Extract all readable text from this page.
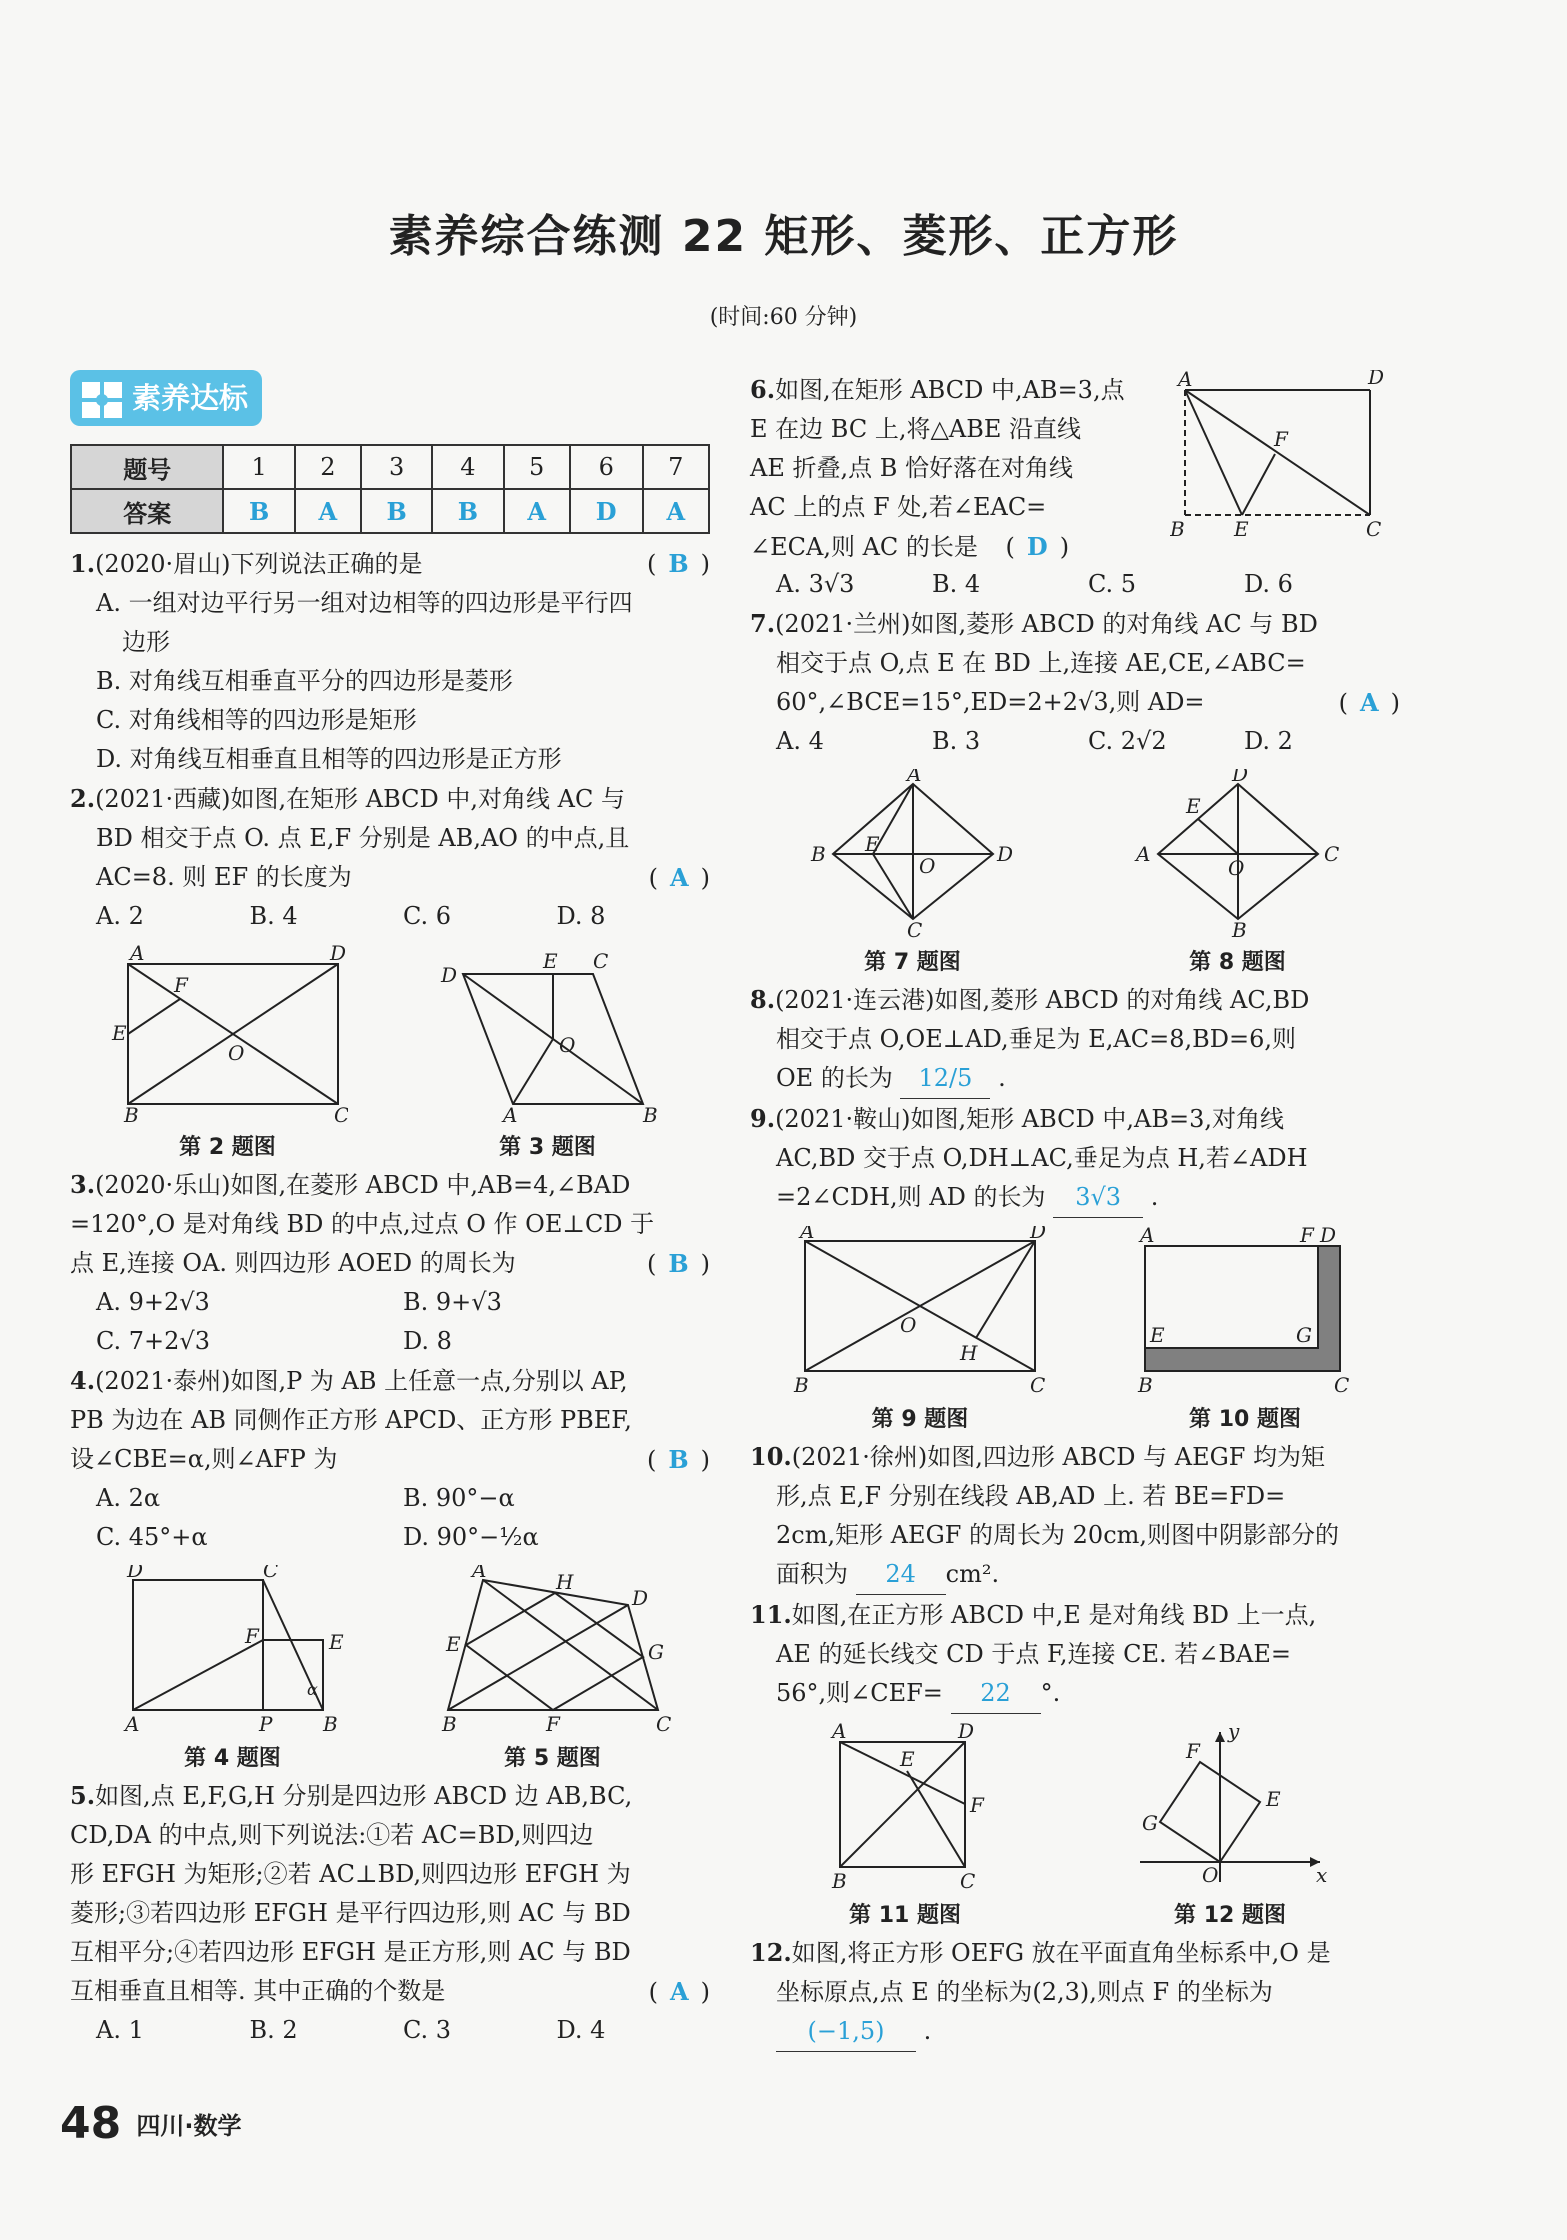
素养综合练测 22 矩形、菱形、正方形
(时间:60 分钟)
素养达标
题号	1	2	3	4	5	6	7
答案	B	A	B	B	A	D	A
1.(2020·眉山)下列说法正确的是	( B )
A. 一组对边平行另一组对边相等的四边形是平行四
边形
B. 对角线互相垂直平分的四边形是菱形
C. 对角线相等的四边形是矩形
D. 对角线互相垂直且相等的四边形是正方形
2.(2021·西藏)如图,在矩形 ABCD 中,对角线 AC 与
BD 相交于点 O. 点 E,F 分别是 AB,AO 的中点,且
AC=8. 则 EF 的长度为	( A )
A. 2	B. 4	C. 6	D. 8
A	D
B	C
E
F
O
第 2 题图
D
E C
A	B
O
第 3 题图
3.(2020·乐山)如图,在菱形 ABCD 中,AB=4,∠BAD
=120°,O 是对角线 BD 的中点,过点 O 作 OE⊥CD 于
点 E,连接 OA. 则四边形 AOED 的周长为	( B )
A. 9+2√3	B. 9+√3
C. 7+2√3	D. 8
4.(2021·泰州)如图,P 为 AB 上任意一点,分别以 AP,
PB 为边在 AB 同侧作正方形 APCD、正方形 PBEF,
设∠CBE=α,则∠AFP 为	( B )
A. 2α	B. 90°−α
C. 45°+α	D. 90°−½α
D	C
F	E
A	P	B
α
第 4 题图
A	H
D
G
E
B	F	C
第 5 题图
5.如图,点 E,F,G,H 分别是四边形 ABCD 边 AB,BC,
CD,DA 的中点,则下列说法:①若 AC=BD,则四边
形 EFGH 为矩形;②若 AC⊥BD,则四边形 EFGH 为
菱形;③若四边形 EFGH 是平行四边形,则 AC 与 BD
互相平分;④若四边形 EFGH 是正方形,则 AC 与 BD
互相垂直且相等. 其中正确的个数是	( A )
A. 1	B. 2	C. 3	D. 4
6.如图,在矩形 ABCD 中,AB=3,点
E 在边 BC 上,将△ABE 沿直线
AE 折叠,点 B 恰好落在对角线
AC 上的点 F 处,若∠EAC=
∠ECA,则 AC 的长是 ( D )
A	D
F
B E	C
A. 3√3	B. 4	C. 5	D. 6
7.(2021·兰州)如图,菱形 ABCD 的对角线 AC 与 BD
相交于点 O,点 E 在 BD 上,连接 AE,CE,∠ABC=
60°,∠BCE=15°,ED=2+2√3,则 AD=	( A )
A. 4	B. 3	C. 2√2	D. 2
A
B	D
C
E
O
第 7 题图
D
A	C
B
E
O
第 8 题图
8.(2021·连云港)如图,菱形 ABCD 的对角线 AC,BD
相交于点 O,OE⊥AD,垂足为 E,AC=8,BD=6,则
OE 的长为 12/5 .
9.(2021·鞍山)如图,矩形 ABCD 中,AB=3,对角线
AC,BD 交于点 O,DH⊥AC,垂足为点 H,若∠ADH
=2∠CDH,则 AD 的长为 3√3 .
A	D
B	C
O
H
第 9 题图
A	F D
E	G
B	C
第 10 题图
10.(2021·徐州)如图,四边形 ABCD 与 AEGF 均为矩
形,点 E,F 分别在线段 AB,AD 上. 若 BE=FD=
2cm,矩形 AEGF 的周长为 20cm,则图中阴影部分的
面积为 24 cm².
11.如图,在正方形 ABCD 中,E 是对角线 BD 上一点,
AE 的延长线交 CD 于点 F,连接 CE. 若∠BAE=
56°,则∠CEF= 22 °.
A	D
E
F
B	C
第 11 题图
y
x
O
E
F
G
第 12 题图
12.如图,将正方形 OEFG 放在平面直角坐标系中,O 是
坐标原点,点 E 的坐标为(2,3),则点 F 的坐标为
(−1,5) .
48 四川·数学
